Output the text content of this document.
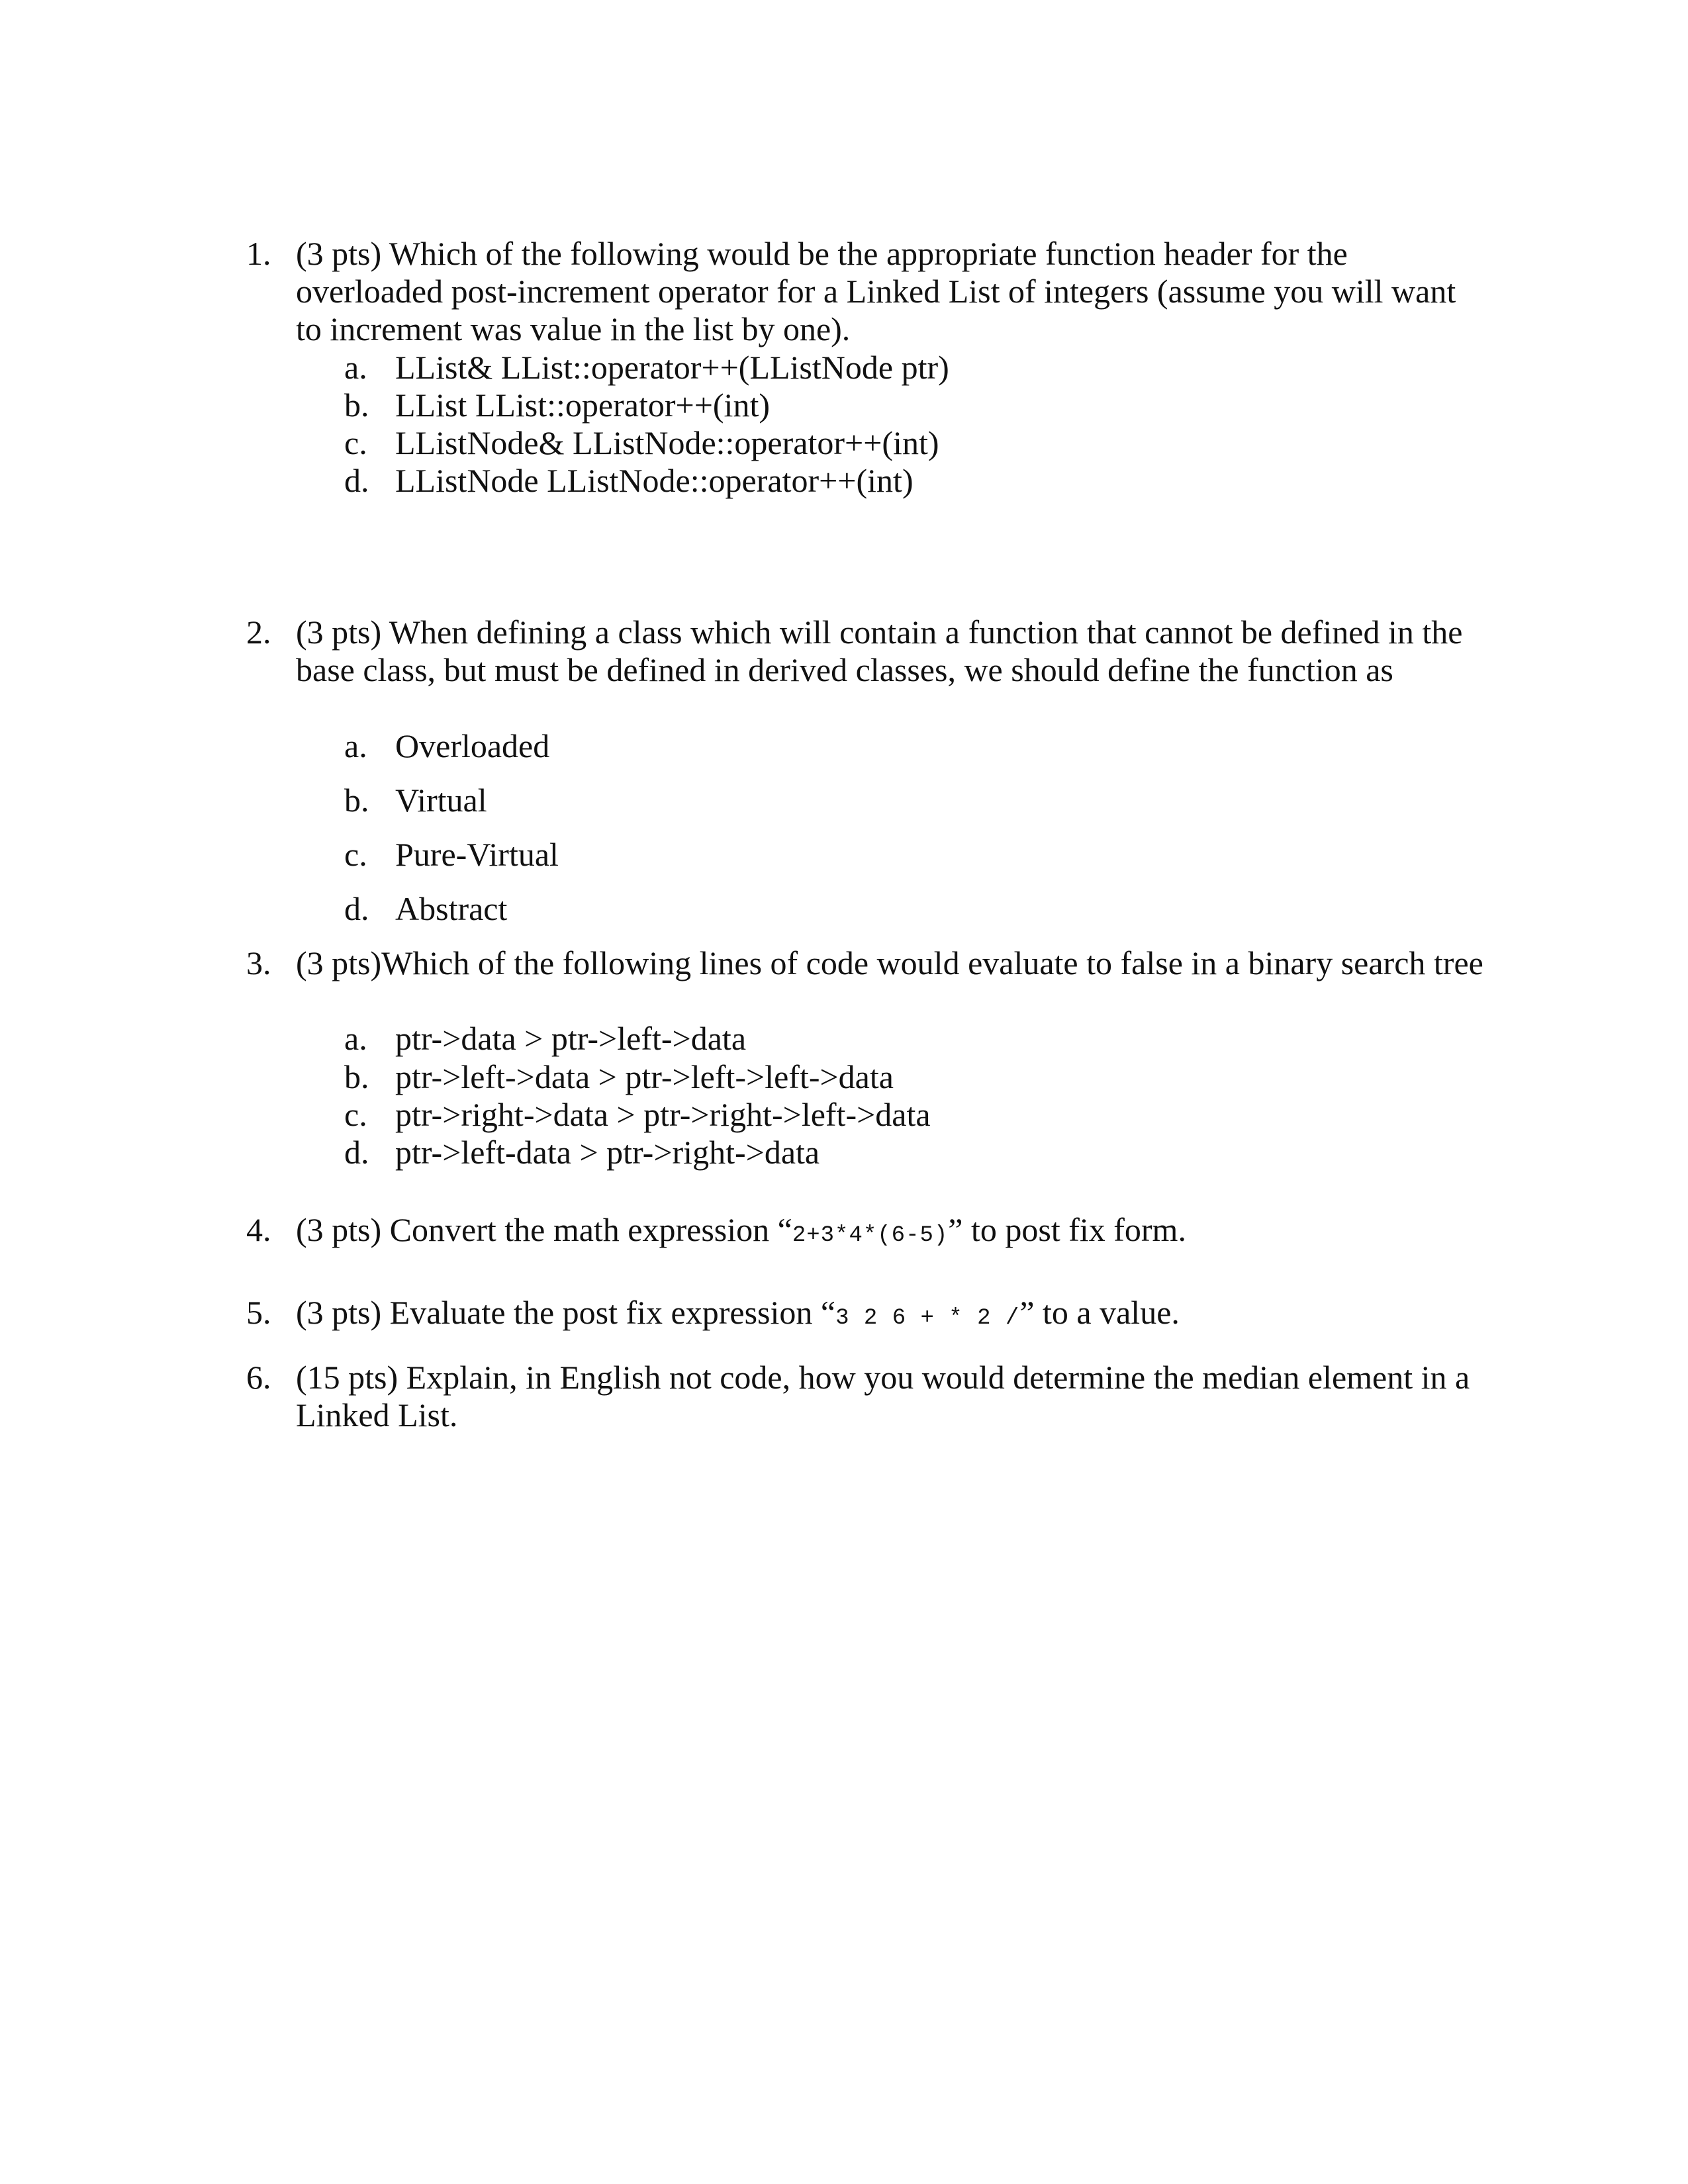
1. (3 pts) Which of the following would be the appropriate function header for the
overloaded post-increment operator for a Linked List of integers (assume you will want
to increment was value in the list by one).
a. LList& LList::operator++(LListNode ptr)
b. LList LList::operator++(int)
c. LListNode& LListNode::operator++(int)
d. LListNode LListNode::operator++(int)
2. (3 pts) When defining a class which will contain a function that cannot be defined in the
base class, but must be defined in derived classes, we should define the function as
a. Overloaded
b. Virtual
c. Pure-Virtual
d. Abstract
3. (3 pts)Which of the following lines of code would evaluate to false in a binary search tree
a. ptr->data > ptr->left->data
b. ptr->left->data > ptr->left->left->data
c. ptr->right->data > ptr->right->left->data
d. ptr->left-data > ptr->right->data
4. (3 pts) Convert the math expression “2+3*4*(6-5)” to post fix form.
5. (3 pts) Evaluate the post fix expression “3 2 6 + * 2 /” to a value.
6. (15 pts) Explain, in English not code, how you would determine the median element in a
Linked List.
